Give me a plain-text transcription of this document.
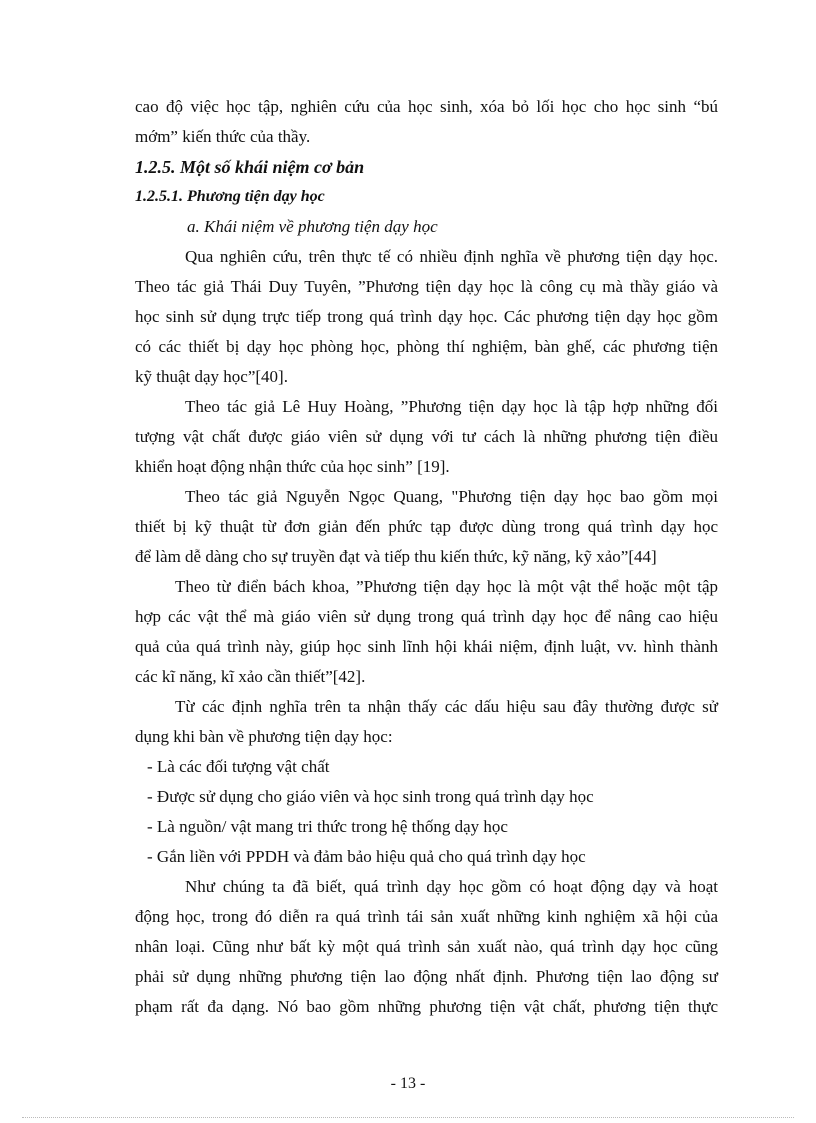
cao độ việc học tập, nghiên cứu của học sinh, xóa bỏ lối học cho học sinh “bú
mớm” kiến thức của thầy.
1.2.5. Một số khái niệm cơ bản
1.2.5.1. Phương tiện dạy học
a. Khái niệm về phương tiện dạy học
Qua nghiên cứu, trên thực tế có nhiều định nghĩa về phương tiện dạy học.
Theo tác giả Thái Duy Tuyên, ”Phương tiện dạy học là công cụ mà thầy giáo và
học sinh sử dụng trực tiếp trong quá trình dạy học. Các phương tiện dạy học gồm
có các thiết bị dạy học phòng học, phòng thí nghiệm, bàn ghế, các phương tiện
kỹ thuật dạy học”[40].
Theo tác giả Lê Huy Hoàng, ”Phương tiện dạy học là tập hợp những đối
tượng vật chất được giáo viên sử dụng với tư cách là những phương tiện điều
khiển hoạt động nhận thức của học sinh” [19].
Theo tác giả Nguyễn Ngọc Quang, "Phương tiện dạy học bao gồm mọi
thiết bị kỹ thuật từ đơn giản đến phức tạp được dùng trong quá trình dạy học
để làm dễ dàng cho sự truyền đạt và tiếp thu kiến thức, kỹ năng, kỹ xảo”[44]
Theo từ điển bách khoa, ”Phương tiện dạy học là một vật thể hoặc một tập
hợp các vật thể mà giáo viên sử dụng trong quá trình dạy học để nâng cao hiệu
quả của quá trình này, giúp học sinh lĩnh hội khái niệm, định luật, vv. hình thành
các kĩ năng, kĩ xảo cần thiết”[42].
Từ các định nghĩa trên ta nhận thấy các dấu hiệu sau đây thường được sử
dụng khi bàn về phương tiện dạy học:
- Là các đối tượng vật chất
- Được sử dụng cho giáo viên và học sinh trong quá trình dạy học
- Là nguồn/ vật mang tri thức trong hệ thống dạy học
- Gắn liền với PPDH và đảm bảo hiệu quả cho quá trình dạy học
Như chúng ta đã biết, quá trình dạy học gồm có hoạt động dạy và hoạt
động học, trong đó diễn ra quá trình tái sản xuất những kinh nghiệm xã hội của
nhân loại. Cũng như bất kỳ một quá trình sản xuất nào, quá trình dạy học cũng
phải sử dụng những phương tiện lao động nhất định. Phương tiện lao động sư
phạm rất đa dạng. Nó bao gồm những phương tiện vật chất, phương tiện thực
- 13 -
